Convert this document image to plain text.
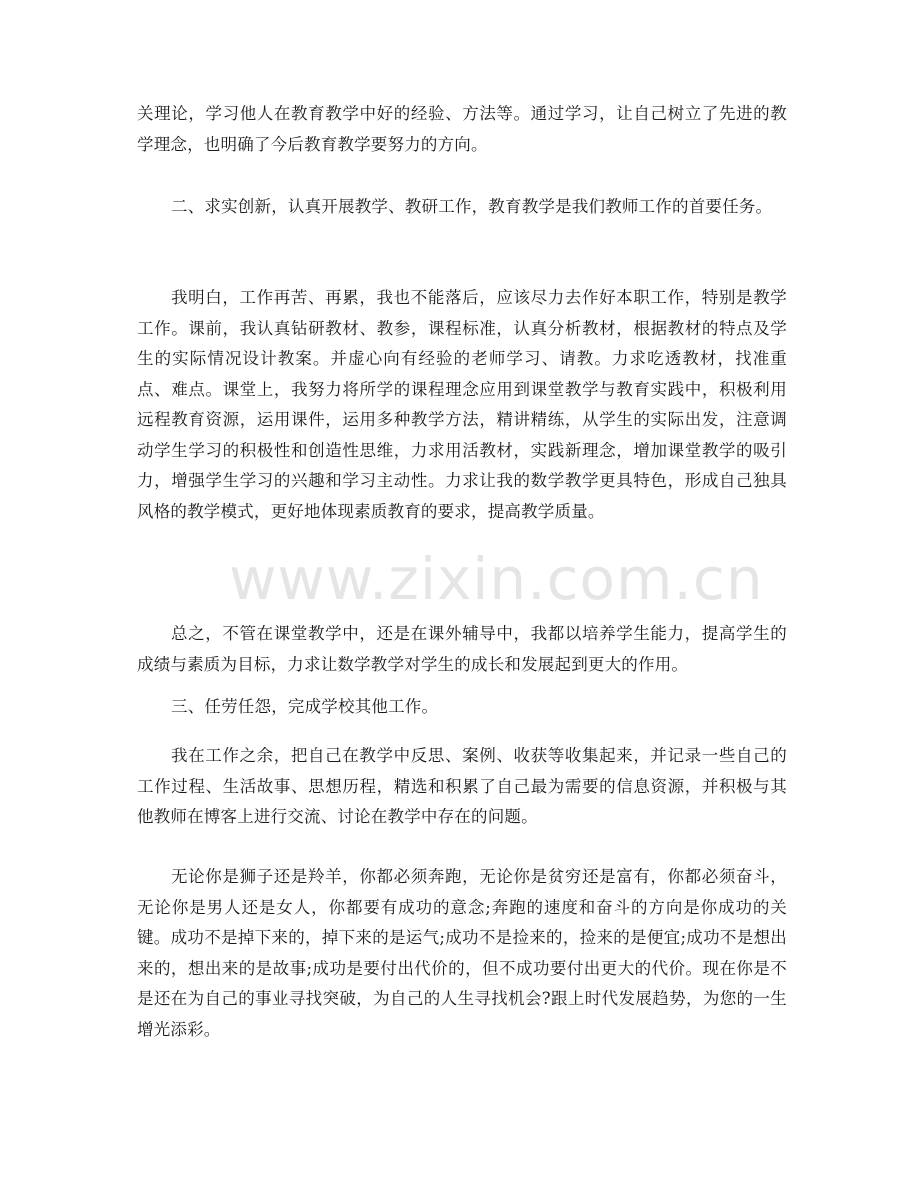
关理论，学习他人在教育教学中好的经验、方法等。通过学习，让自己树立了先进的教学理念，也明确了今后教育教学要努力的方向。

二、求实创新，认真开展教学、教研工作，教育教学是我们教师工作的首要任务。

我明白，工作再苦、再累，我也不能落后，应该尽力去作好本职工作，特别是教学工作。课前，我认真钻研教材、教参，课程标准，认真分析教材，根据教材的特点及学生的实际情况设计教案。并虚心向有经验的老师学习、请教。力求吃透教材，找准重点、难点。课堂上，我努力将所学的课程理念应用到课堂教学与教育实践中，积极利用远程教育资源，运用课件，运用多种教学方法，精讲精练，从学生的实际出发，注意调动学生学习的积极性和创造性思维，力求用活教材，实践新理念，增加课堂教学的吸引力，增强学生学习的兴趣和学习主动性。力求让我的数学教学更具特色，形成自己独具风格的教学模式，更好地体现素质教育的要求，提高教学质量。

总之，不管在课堂教学中，还是在课外辅导中，我都以培养学生能力，提高学生的成绩与素质为目标，力求让数学教学对学生的成长和发展起到更大的作用。

三、任劳任怨，完成学校其他工作。

我在工作之余，把自己在教学中反思、案例、收获等收集起来，并记录一些自己的工作过程、生活故事、思想历程，精选和积累了自己最为需要的信息资源，并积极与其他教师在博客上进行交流、讨论在教学中存在的问题。

无论你是狮子还是羚羊，你都必须奔跑，无论你是贫穷还是富有，你都必须奋斗，无论你是男人还是女人，你都要有成功的意念;奔跑的速度和奋斗的方向是你成功的关键。成功不是掉下来的，掉下来的是运气;成功不是捡来的，捡来的是便宜;成功不是想出来的，想出来的是故事;成功是要付出代价的，但不成功要付出更大的代价。现在你是不是还在为自己的事业寻找突破，为自己的人生寻找机会?跟上时代发展趋势，为您的一生增光添彩。

www.zixin.com.cn
